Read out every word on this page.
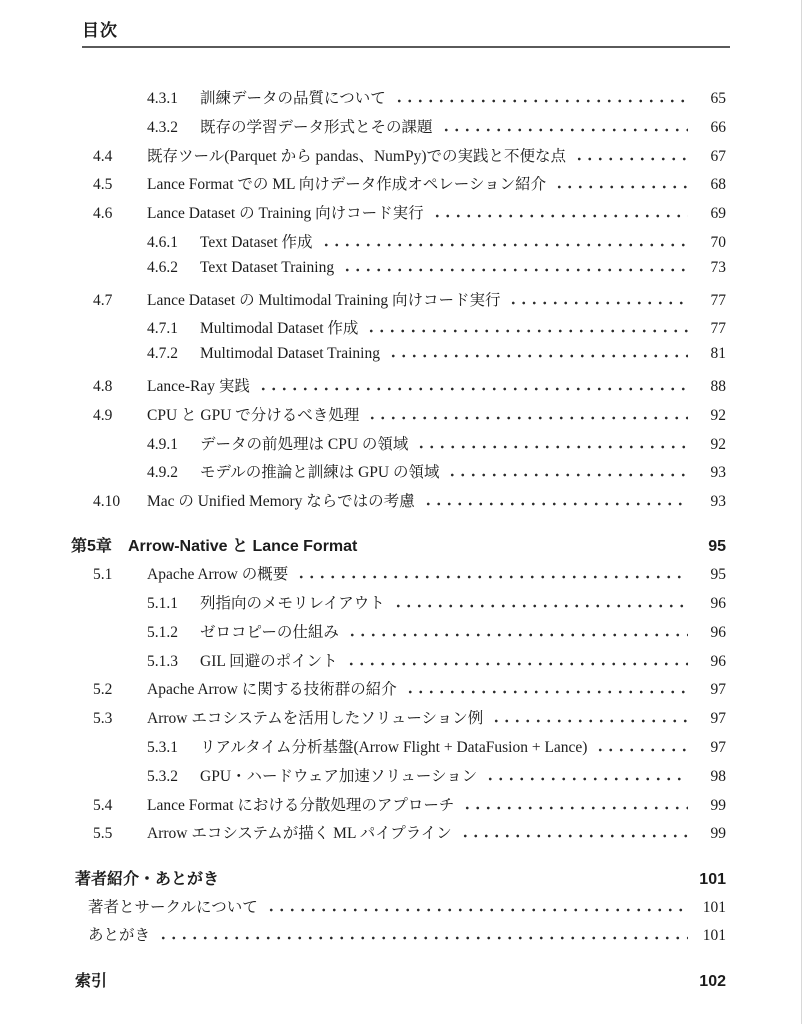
目次
4.3.1	訓練データの品質について	65
4.3.2	既存の学習データ形式とその課題	66
4.4	既存ツール(Parquet から pandas、NumPy)での実践と不便な点	67
4.5	Lance Format での ML 向けデータ作成オペレーション紹介	68
4.6	Lance Dataset の Training 向けコード実行	69
4.6.1	Text Dataset 作成	70
4.6.2	Text Dataset Training	73
4.7	Lance Dataset の Multimodal Training 向けコード実行	77
4.7.1	Multimodal Dataset 作成	77
4.7.2	Multimodal Dataset Training	81
4.8	Lance-Ray 実践	88
4.9	CPU と GPU で分けるべき処理	92
4.9.1	データの前処理は CPU の領域	92
4.9.2	モデルの推論と訓練は GPU の領域	93
4.10	Mac の Unified Memory ならではの考慮	93
第5章	Arrow-Native と Lance Format	95
5.1	Apache Arrow の概要	95
5.1.1	列指向のメモリレイアウト	96
5.1.2	ゼロコピーの仕組み	96
5.1.3	GIL 回避のポイント	96
5.2	Apache Arrow に関する技術群の紹介	97
5.3	Arrow エコシステムを活用したソリューション例	97
5.3.1	リアルタイム分析基盤(Arrow Flight + DataFusion + Lance)	97
5.3.2	GPU・ハードウェア加速ソリューション	98
5.4	Lance Format における分散処理のアプローチ	99
5.5	Arrow エコシステムが描く ML パイプライン	99
著者紹介・あとがき	101
著者とサークルについて	101
あとがき	101
索引	102
